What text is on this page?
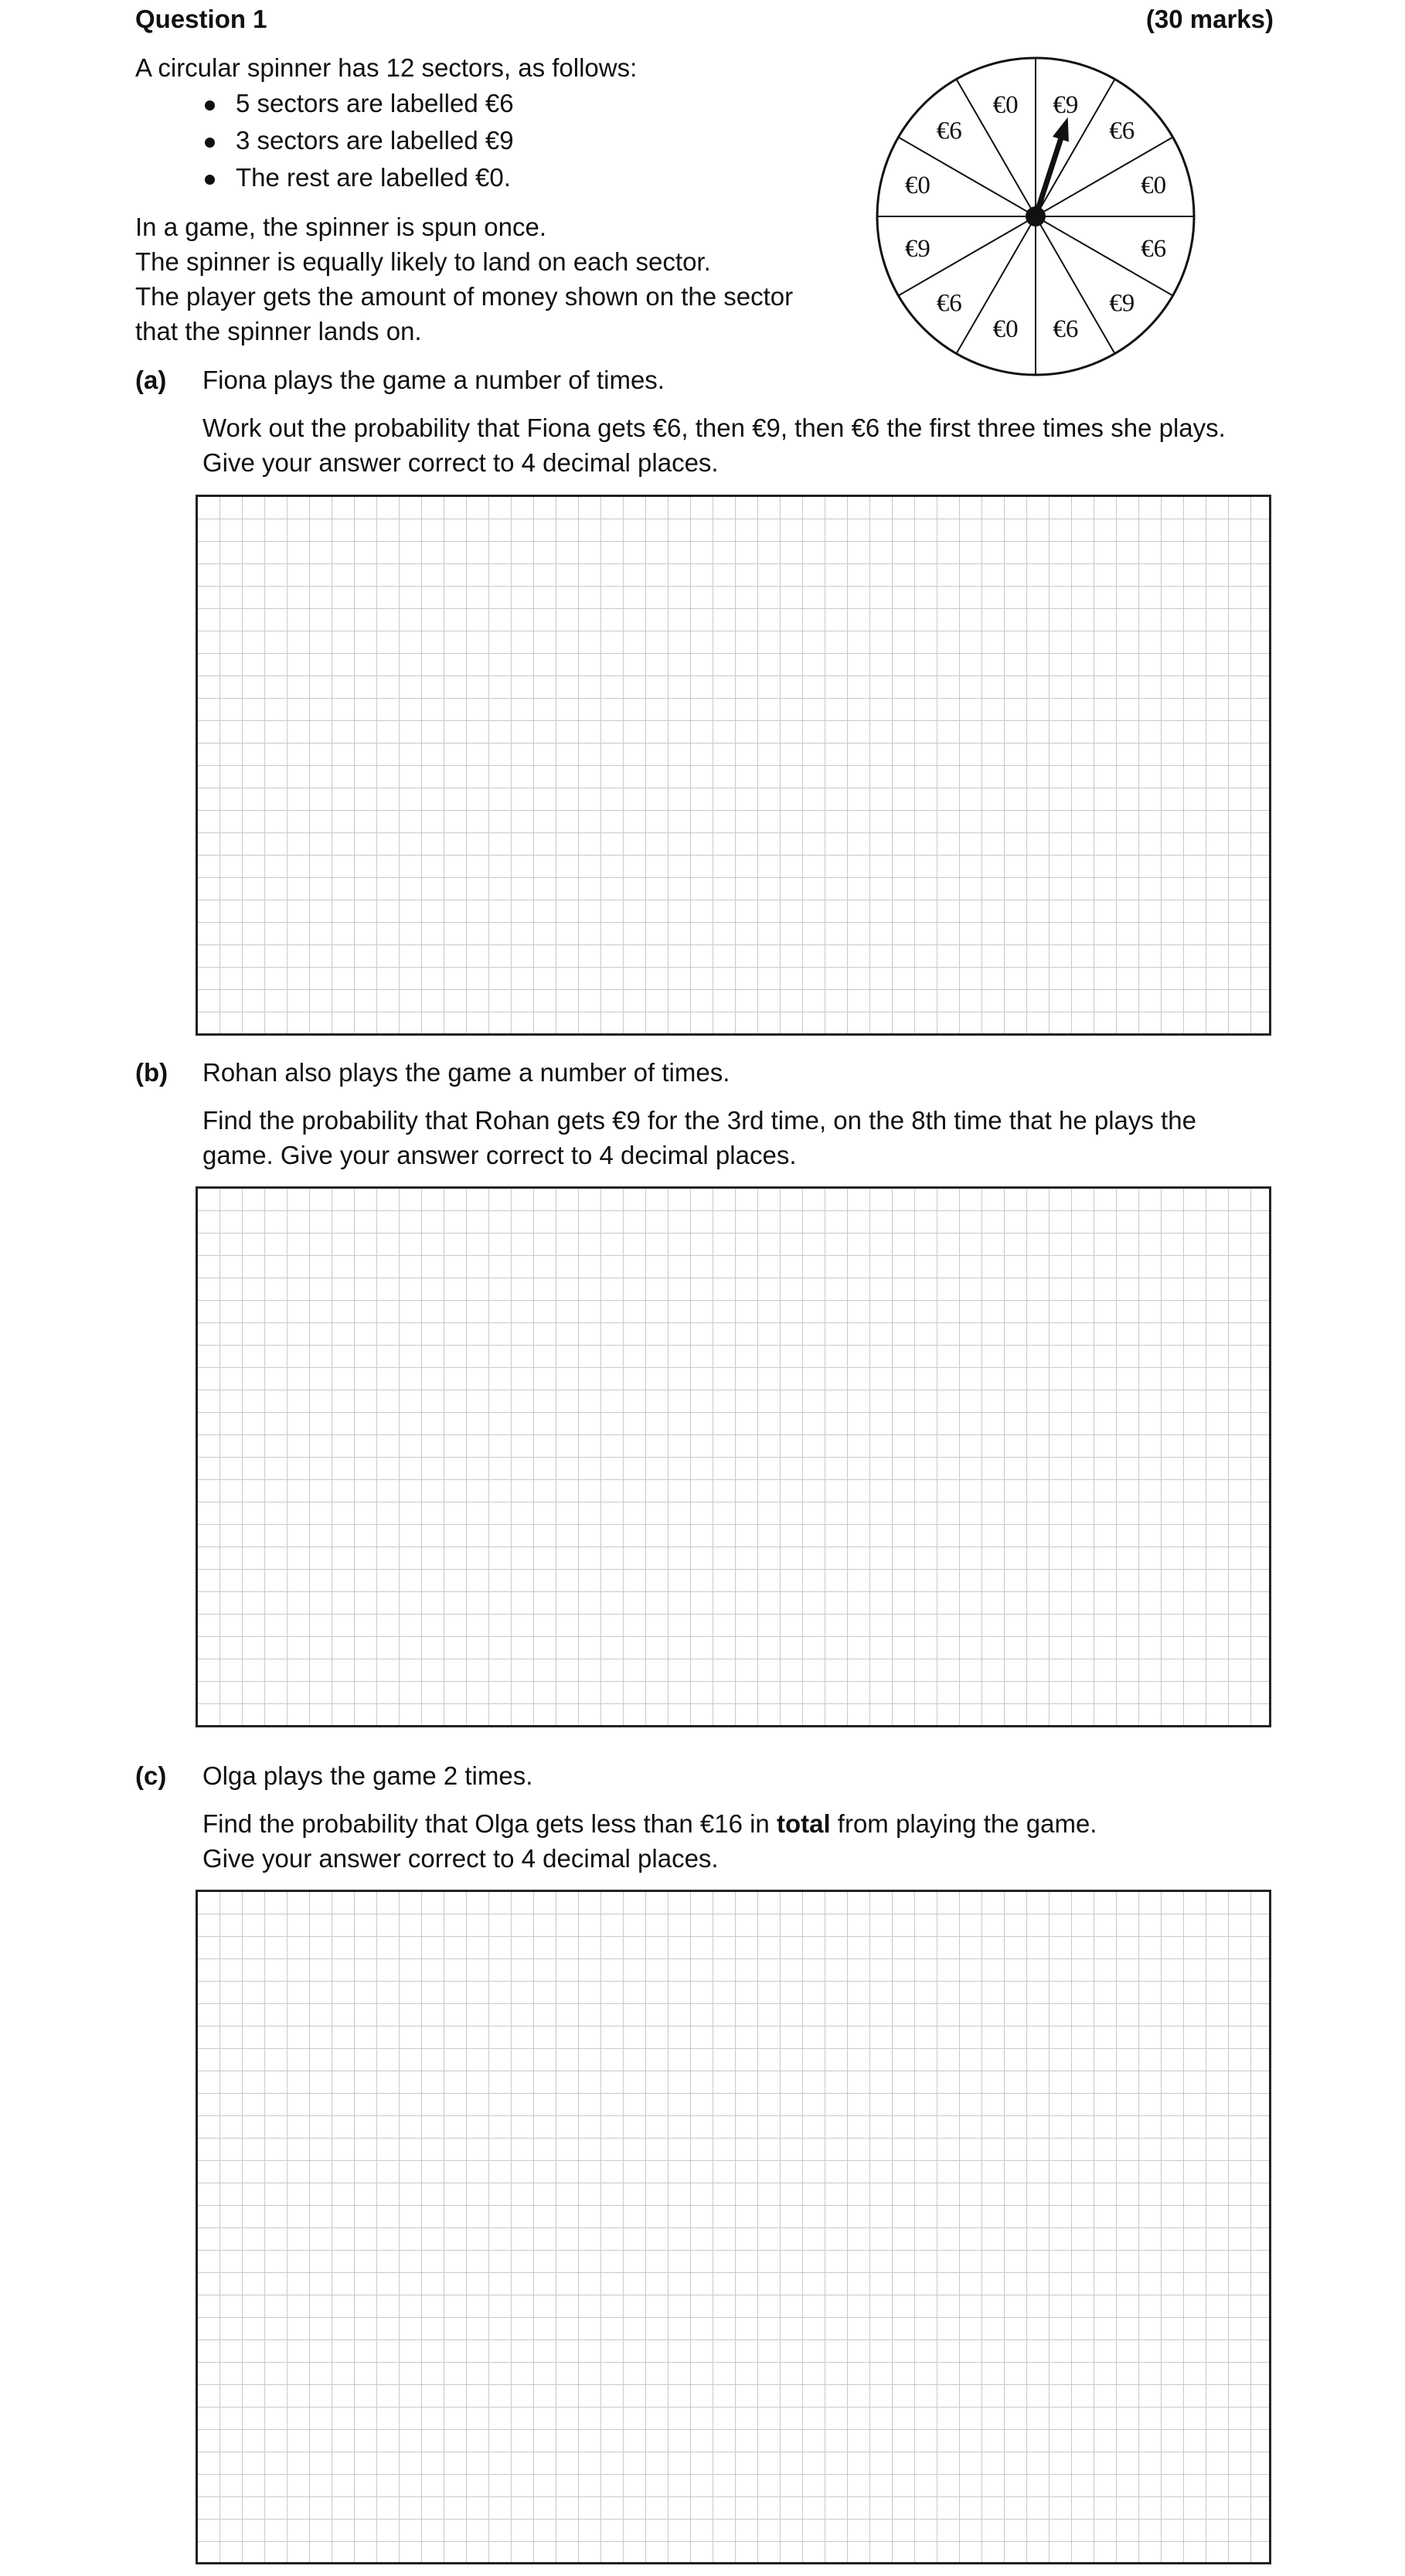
Question 1	(30 marks)
A circular spinner has 12 sectors, as follows:
5 sectors are labelled €6
3 sectors are labelled €9
The rest are labelled €0.
In a game, the spinner is spun once.
The spinner is equally likely to land on each sector.
The player gets the amount of money shown on the sector
that the spinner lands on.
€9
€6
€0
€6
€9
€6
€0
€6
€9
€0
€6
€0
(a) Fiona plays the game a number of times.
Work out the probability that Fiona gets €6, then €9, then €6 the first three times she plays.
Give your answer correct to 4 decimal places.
(b) Rohan also plays the game a number of times.
Find the probability that Rohan gets €9 for the 3rd time, on the 8th time that he plays the
game. Give your answer correct to 4 decimal places.
(c) Olga plays the game 2 times.
Find the probability that Olga gets less than €16 in total from playing the game.
Give your answer correct to 4 decimal places.
